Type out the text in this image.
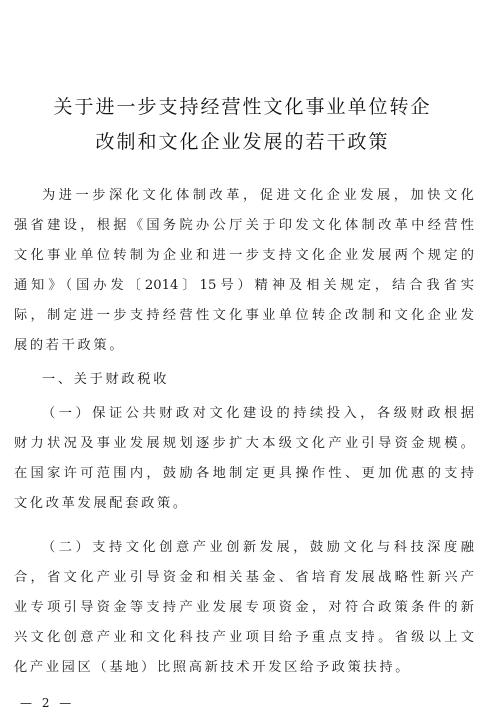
关于进一步支持经营性文化事业单位转企
改制和文化企业发展的若干政策
为进一步深化文化体制改革，促进文化企业发展，加快文化
强省建设，根据《国务院办公厅关于印发文化体制改革中经营性
文化事业单位转制为企业和进一步支持文化企业发展两个规定的
通知》（国办发〔2014〕15号）精神及相关规定，结合我省实
际，制定进一步支持经营性文化事业单位转企改制和文化企业发
展的若干政策。
一、关于财政税收
（一）保证公共财政对文化建设的持续投入，各级财政根据
财力状况及事业发展规划逐步扩大本级文化产业引导资金规模。
在国家许可范围内，鼓励各地制定更具操作性、更加优惠的支持
文化改革发展配套政策。
（二）支持文化创意产业创新发展，鼓励文化与科技深度融
合，省文化产业引导资金和相关基金、省培育发展战略性新兴产
业专项引导资金等支持产业发展专项资金，对符合政策条件的新
兴文化创意产业和文化科技产业项目给予重点支持。省级以上文
化产业园区（基地）比照高新技术开发区给予政策扶持。
— 2 —
